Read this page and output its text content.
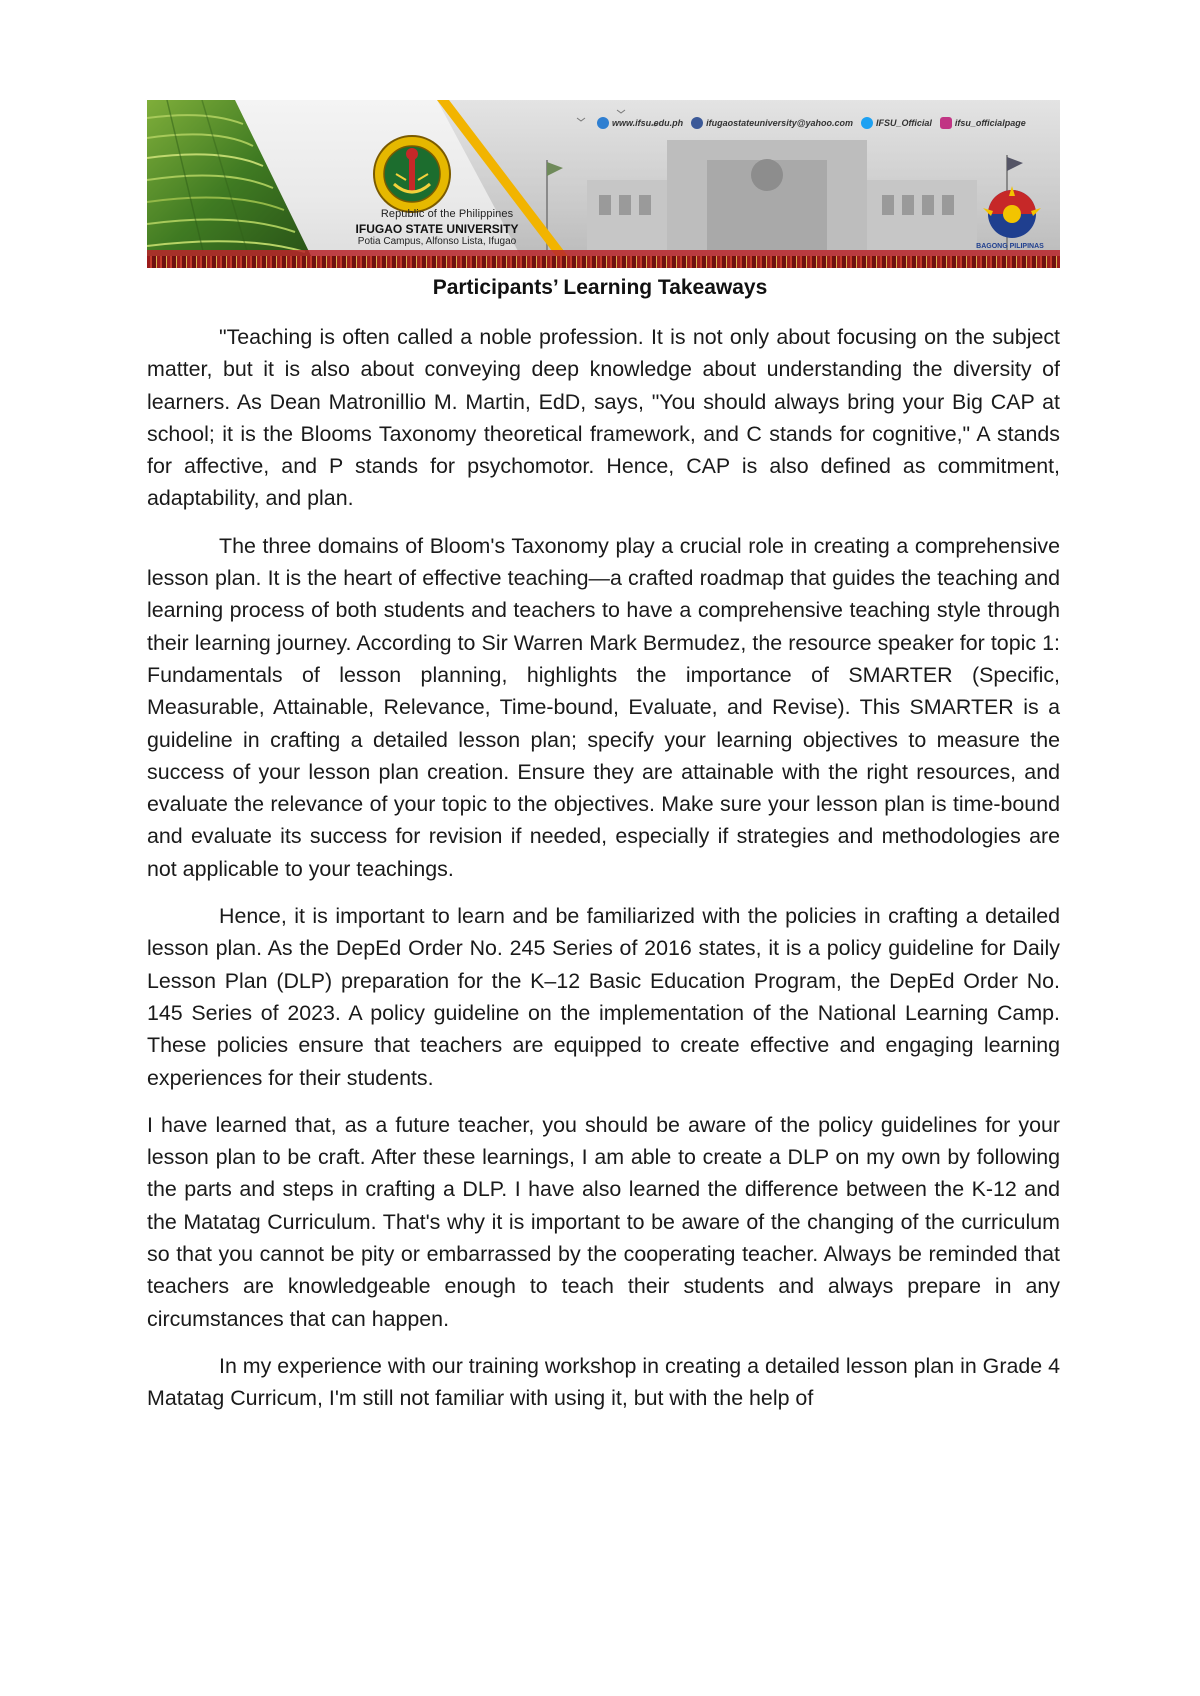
Republic of the Philippines
IFUGAO STATE UNIVERSITY
Potia Campus, Alfonso Lista, Ifugao
www.ifsu.edu.ph	ifugaostateuniversity@yahoo.com	IFSU_Official	ifsu_officialpage
BAGONG PILIPINAS
Participants’ Learning Takeaways

"Teaching is often called a noble profession. It is not only about focusing on the subject matter, but it is also about conveying deep knowledge about understanding the diversity of learners. As Dean Matronillio M. Martin, EdD, says, "You should always bring your Big CAP at school; it is the Blooms Taxonomy theoretical framework, and C stands for cognitive," A stands for affective, and P stands for psychomotor. Hence, CAP is also defined as commitment, adaptability, and plan.

The three domains of Bloom's Taxonomy play a crucial role in creating a comprehensive lesson plan. It is the heart of effective teaching—a crafted roadmap that guides the teaching and learning process of both students and teachers to have a comprehensive teaching style through their learning journey. According to Sir Warren Mark Bermudez, the resource speaker for topic 1: Fundamentals of lesson planning, highlights the importance of SMARTER (Specific, Measurable, Attainable, Relevance, Time-bound, Evaluate, and Revise). This SMARTER is a guideline in crafting a detailed lesson plan; specify your learning objectives to measure the success of your lesson plan creation. Ensure they are attainable with the right resources, and evaluate the relevance of your topic to the objectives. Make sure your lesson plan is time-bound and evaluate its success for revision if needed, especially if strategies and methodologies are not applicable to your teachings.

Hence, it is important to learn and be familiarized with the policies in crafting a detailed lesson plan. As the DepEd Order No. 245 Series of 2016 states, it is a policy guideline for Daily Lesson Plan (DLP) preparation for the K–12 Basic Education Program, the DepEd Order No. 145 Series of 2023. A policy guideline on the implementation of the National Learning Camp. These policies ensure that teachers are equipped to create effective and engaging learning experiences for their students.

I have learned that, as a future teacher, you should be aware of the policy guidelines for your lesson plan to be craft. After these learnings, I am able to create a DLP on my own by following the parts and steps in crafting a DLP. I have also learned the difference between the K-12 and the Matatag Curriculum. That's why it is important to be aware of the changing of the curriculum so that you cannot be pity or embarrassed by the cooperating teacher. Always be reminded that teachers are knowledgeable enough to teach their students and always prepare in any circumstances that can happen.

In my experience with our training workshop in creating a detailed lesson plan in Grade 4 Matatag Curricum, I'm still not familiar with using it, but with the help of
